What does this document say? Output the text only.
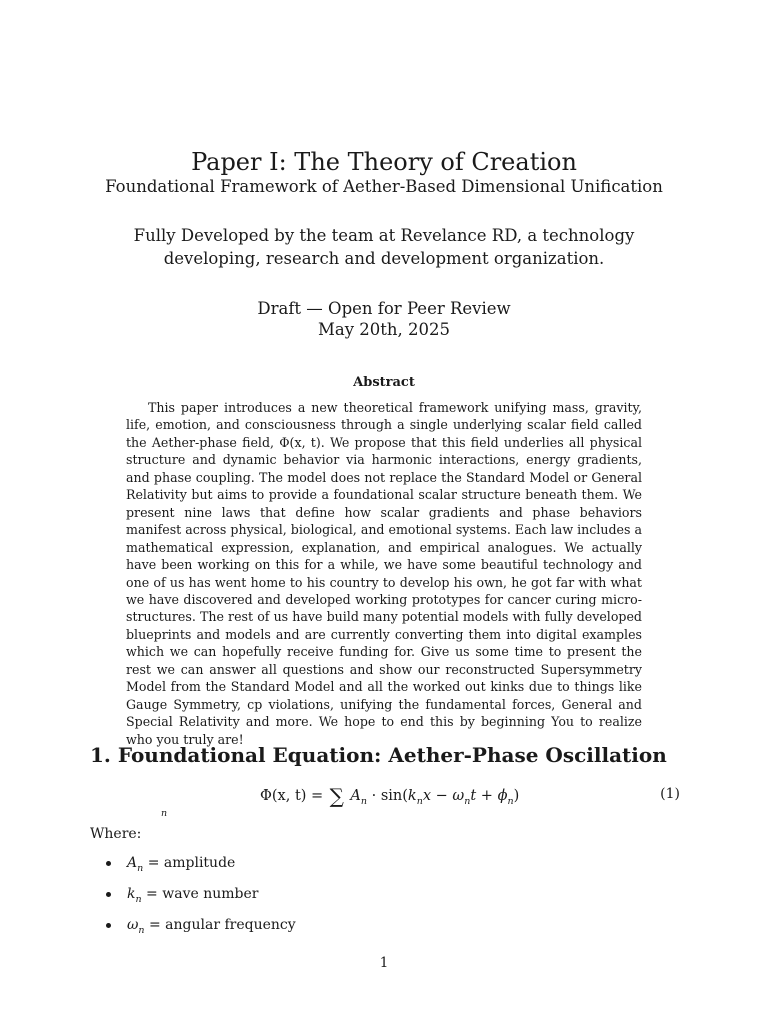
Paper I: The Theory of Creation
Foundational Framework of Aether-Based Dimensional Unification
Fully Developed by the team at Revelance RD, a technology developing, research and development organization.
Draft — Open for Peer Review
May 20th, 2025
Abstract
This paper introduces a new theoretical framework unifying mass, gravity, life, emotion, and consciousness through a single underlying scalar field called the Aether-phase field, Φ(x, t). We propose that this field underlies all physical structure and dynamic behavior via harmonic interactions, energy gradients, and phase coupling. The model does not replace the Standard Model or General Relativity but aims to provide a foundational scalar structure beneath them. We present nine laws that define how scalar gradients and phase behaviors manifest across physical, biological, and emotional systems. Each law includes a mathematical expression, explanation, and empirical analogues. We actually have been working on this for a while, we have some beautiful technology and one of us has went home to his country to develop his own, he got far with what we have discovered and developed working prototypes for cancer curing micro-structures. The rest of us have build many potential models with fully developed blueprints and models and are currently converting them into digital examples which we can hopefully receive funding for. Give us some time to present the rest we can answer all questions and show our reconstructed Supersymmetry Model from the Standard Model and all the worked out kinks due to things like Gauge Symmetry, cp violations, unifying the fundamental forces, General and Special Relativity and more. We hope to end this by beginning You to realize who you truly are!
1. Foundational Equation: Aether-Phase Oscillation
Φ(x, t) = ∑ $A_n \cdot \sin(k_nx - \omega_nt + \phi_n)$
n
(1)
Where:
$A_n$ = amplitude
$k_n$ = wave number
$\omega_n$ = angular frequency
1
